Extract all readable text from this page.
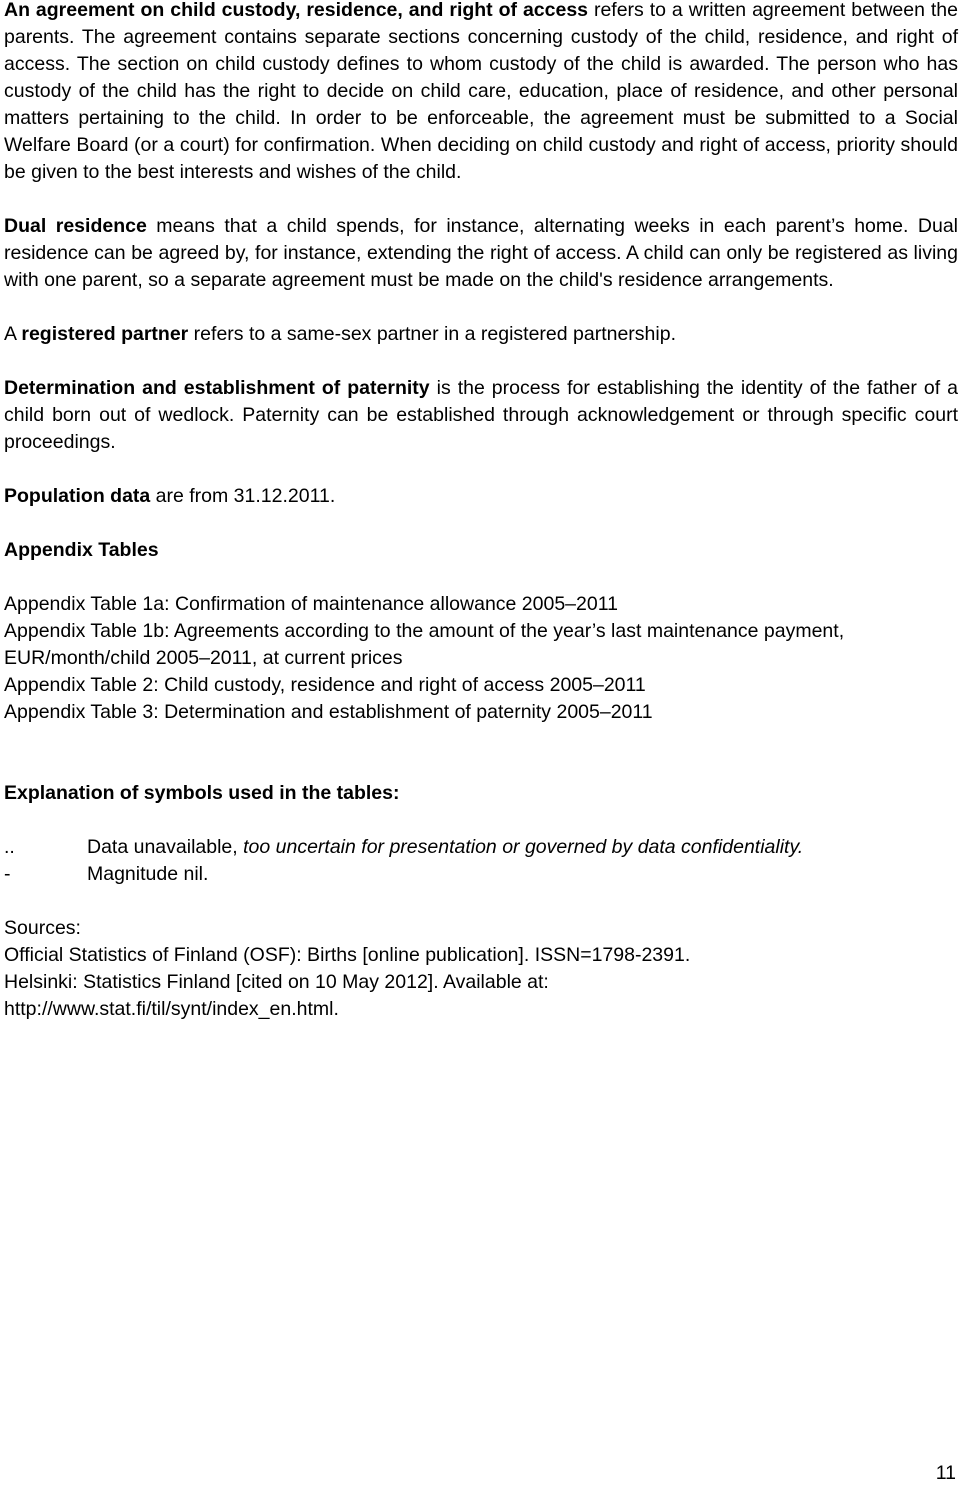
An agreement on child custody, residence, and right of access refers to a written agreement between the parents. The agreement contains separate sections concerning custody of the child, residence, and right of access. The section on child custody defines to whom custody of the child is awarded. The person who has custody of the child has the right to decide on child care, education, place of residence, and other personal matters pertaining to the child. In order to be enforceable, the agreement must be submitted to a Social Welfare Board (or a court) for confirmation. When deciding on child custody and right of access, priority should be given to the best interests and wishes of the child.

Dual residence means that a child spends, for instance, alternating weeks in each parent’s home. Dual residence can be agreed by, for instance, extending the right of access. A child can only be registered as living with one parent, so a separate agreement must be made on the child's residence arrangements.

A registered partner refers to a same-sex partner in a registered partnership.

Determination and establishment of paternity is the process for establishing the identity of the father of a child born out of wedlock. Paternity can be established through acknowledgement or through specific court proceedings.

Population data are from 31.12.2011.

Appendix Tables

Appendix Table 1a: Confirmation of maintenance allowance 2005–2011

Appendix Table 1b: Agreements according to the amount of the year’s last maintenance payment, EUR/month/child 2005–2011, at current prices

Appendix Table 2: Child custody, residence and right of access 2005–2011

Appendix Table 3: Determination and establishment of paternity 2005–2011

Explanation of symbols used in the tables:

..	Data unavailable, too uncertain for presentation or governed by data confidentiality.
-	Magnitude nil.

Sources:

Official Statistics of Finland (OSF): Births [online publication]. ISSN=1798-2391.

Helsinki: Statistics Finland [cited on 10 May 2012]. Available at:

http://www.stat.fi/til/synt/index_en.html.

11
